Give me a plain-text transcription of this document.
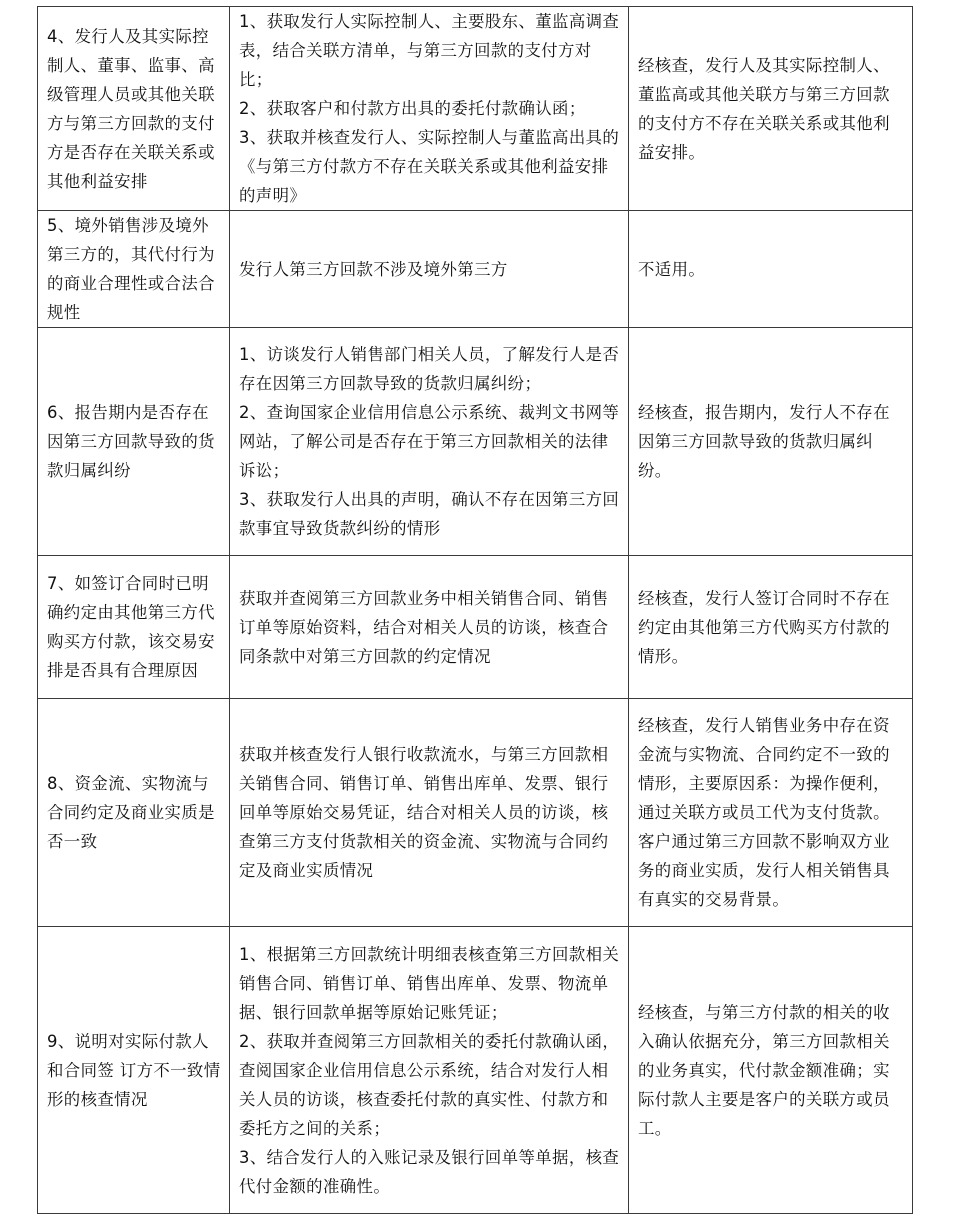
4、发行人及其实际控制人、董事、监事、高级管理人员或其他关联方与第三方回款的支付方是否存在关联关系或其他利益安排	1、获取发行人实际控制人、主要股东、董监高调查表，结合关联方清单，与第三方回款的支付方对比；
2、获取客户和付款方出具的委托付款确认函；
3、获取并核查发行人、实际控制人与董监高出具的《与第三方付款方不存在关联关系或其他利益安排的声明》	经核查，发行人及其实际控制人、董监高或其他关联方与第三方回款的支付方不存在关联关系或其他利益安排。
5、境外销售涉及境外第三方的，其代付行为的商业合理性或合法合规性	发行人第三方回款不涉及境外第三方	不适用。
6、报告期内是否存在因第三方回款导致的货款归属纠纷	1、访谈发行人销售部门相关人员，了解发行人是否存在因第三方回款导致的货款归属纠纷；
2、查询国家企业信用信息公示系统、裁判文书网等网站，了解公司是否存在于第三方回款相关的法律诉讼；
3、获取发行人出具的声明，确认不存在因第三方回款事宜导致货款纠纷的情形	经核查，报告期内，发行人不存在因第三方回款导致的货款归属纠纷。
7、如签订合同时已明确约定由其他第三方代购买方付款，该交易安排是否具有合理原因	获取并查阅第三方回款业务中相关销售合同、销售订单等原始资料，结合对相关人员的访谈，核查合同条款中对第三方回款的约定情况	经核查，发行人签订合同时不存在约定由其他第三方代购买方付款的情形。
8、资金流、实物流与合同约定及商业实质是否一致	获取并核查发行人银行收款流水，与第三方回款相关销售合同、销售订单、销售出库单、发票、银行回单等原始交易凭证，结合对相关人员的访谈，核查第三方支付货款相关的资金流、实物流与合同约定及商业实质情况	经核查，发行人销售业务中存在资金流与实物流、合同约定不一致的情形，主要原因系：为操作便利，通过关联方或员工代为支付货款。客户通过第三方回款不影响双方业务的商业实质，发行人相关销售具有真实的交易背景。
9、说明对实际付款人和合同签 订方不一致情形的核查情况	1、根据第三方回款统计明细表核查第三方回款相关销售合同、销售订单、销售出库单、发票、物流单据、银行回款单据等原始记账凭证；
2、获取并查阅第三方回款相关的委托付款确认函，查阅国家企业信用信息公示系统，结合对发行人相关人员的访谈，核查委托付款的真实性、付款方和委托方之间的关系；
3、结合发行人的入账记录及银行回单等单据，核查代付金额的准确性。	经核查，与第三方付款的相关的收入确认依据充分，第三方回款相关的业务真实，代付款金额准确；实际付款人主要是客户的关联方或员工。
